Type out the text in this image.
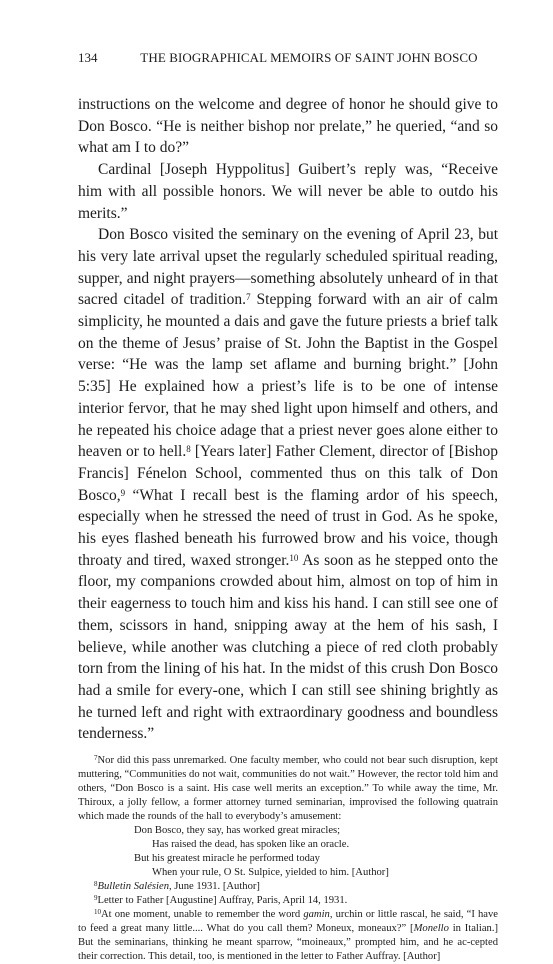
134	THE BIOGRAPHICAL MEMOIRS OF SAINT JOHN BOSCO

instructions on the welcome and degree of honor he should give to Don Bosco. “He is neither bishop nor prelate,” he queried, “and so what am I to do?”

Cardinal [Joseph Hyppolitus] Guibert’s reply was, “Receive him with all possible honors. We will never be able to outdo his merits.”

Don Bosco visited the seminary on the evening of April 23, but his very late arrival upset the regularly scheduled spiritual reading, supper, and night prayers—something absolutely unheard of in that sacred citadel of tradition.$^7$ Stepping forward with an air of calm simplicity, he mounted a dais and gave the future priests a brief talk on the theme of Jesus’ praise of St. John the Baptist in the Gospel verse: “He was the lamp set aflame and burning bright.” [John 5:35] He explained how a priest’s life is to be one of intense interior fervor, that he may shed light upon himself and others, and he repeated his choice adage that a priest never goes alone either to heaven or to hell.$^8$ [Years later] Father Clement, director of [Bishop Francis] Fénelon School, commented thus on this talk of Don Bosco,$^9$ “What I recall best is the flaming ardor of his speech, especially when he stressed the need of trust in God. As he spoke, his eyes flashed beneath his furrowed brow and his voice, though throaty and tired, waxed stronger.$^{10}$ As soon as he stepped onto the floor, my companions crowded about him, almost on top of him in their eagerness to touch him and kiss his hand. I can still see one of them, scissors in hand, snipping away at the hem of his sash, I believe, while another was clutching a piece of red cloth probably torn from the lining of his hat. In the midst of this crush Don Bosco had a smile for every-one, which I can still see shining brightly as he turned left and right with extraordinary goodness and boundless tenderness.”

$^7$Nor did this pass unremarked. One faculty member, who could not bear such disruption, kept muttering, “Communities do not wait, communities do not wait.” However, the rector told him and others, “Don Bosco is a saint. His case well merits an exception.” To while away the time, Mr. Thiroux, a jolly fellow, a former attorney turned seminarian, improvised the following quatrain which made the rounds of the hall to everybody’s amusement:

Don Bosco, they say, has worked great miracles;
Has raised the dead, has spoken like an oracle.
But his greatest miracle he performed today
When your rule, O St. Sulpice, yielded to him. [Author]

$^8$Bulletin Salésien, June 1931. [Author]

$^9$Letter to Father [Augustine] Auffray, Paris, April 14, 1931.

$^{10}$At one moment, unable to remember the word gamin, urchin or little rascal, he said, “I have to feed a great many little.... What do you call them? Moneux, moneaux?” [Monello in Italian.] But the seminarians, thinking he meant sparrow, “moineaux,” prompted him, and he ac-cepted their correction. This detail, too, is mentioned in the letter to Father Auffray. [Author]
